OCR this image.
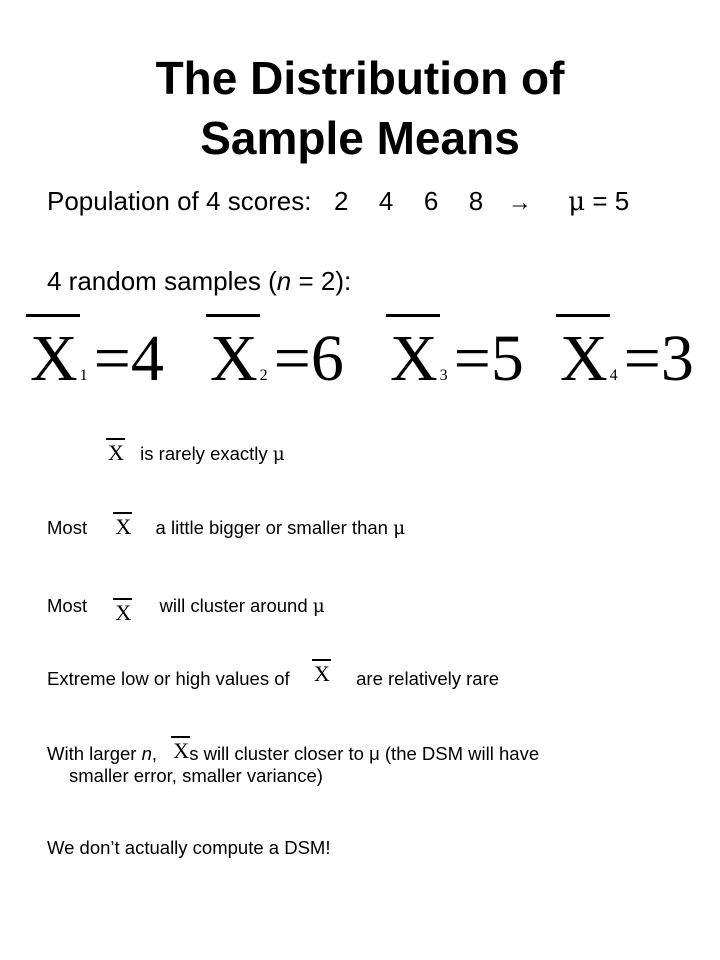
The Distribution of
Sample Means
Population of 4 scores: 2 4 6 8 → μ = 5
4 random samples (n = 2):
X 1=4 X 2=6 X 3=5 X 4=3
X is rarely exactly μ
Most X a little bigger or smaller than μ
Most X will cluster around μ
Extreme low or high values of X are relatively rare
With larger n, Xs will cluster closer to μ (the DSM will have
smaller error, smaller variance)
We don’t actually compute a DSM!
